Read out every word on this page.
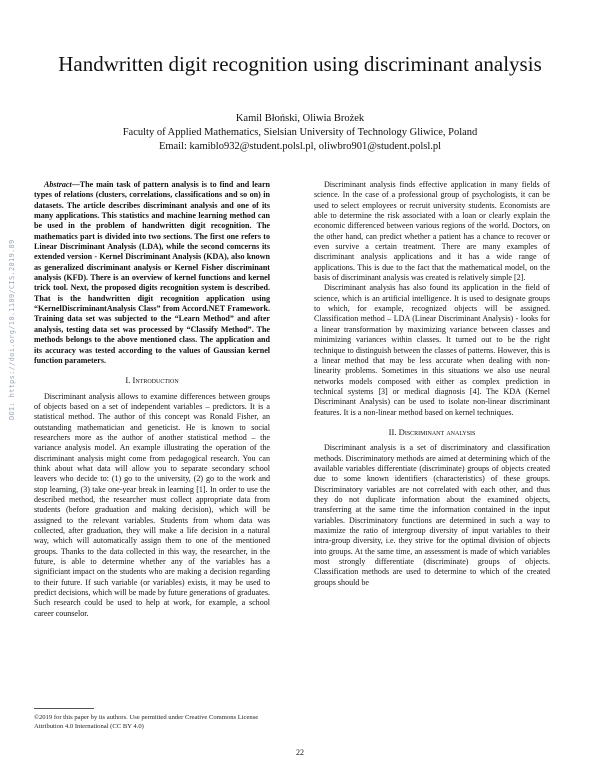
Handwritten digit recognition using discriminant analysis
Kamil Błoński, Oliwia Brożek
Faculty of Applied Mathematics, Sielsian University of Technology Gliwice, Poland
Email: kamiblo932@student.polsl.pl, oliwbro901@student.polsl.pl

Abstract—The main task of pattern analysis is to find and learn types of relations (clusters, correlations, classifications and so on) in datasets. The article describes discriminant analysis and one of its many applications. This statistics and machine learning method can be used in the problem of handwritten digit recognition. The mathematics part is divided into two sections. The first one refers to Linear Discriminant Analysis (LDA), while the second comcerns its extended version - Kernel Discriminant Analysis (KDA), also known as generalized discriminant analysis or Kernel Fisher discriminant analysis (KFD). There is an overview of kernel functions and kernel trick tool. Next, the proposed digits recognition system is described. That is the handwritten digit recognition application using “KernelDiscriminantAnalysis Class” from Accord.NET Framework. Training data set was subjected to the “Learn Method” and after analysis, testing data set was processed by “Classify Method”. The methods belongs to the above mentioned class. The application and its accuracy was tested according to the values of Gaussian kernel function parameters.

I. Introduction

Discriminant analysis allows to examine differences between groups of objects based on a set of independent variables – predictors. It is a statistical method. The author of this concept was Ronald Fisher, an outstanding mathematician and geneticist. He is known to social researchers more as the author of another statistical method – the variance analysis model. An example illustrating the operation of the discriminant analysis might come from pedagogical research. You can think about what data will allow you to separate secondary school leavers who decide to: (1) go to the university, (2) go to the work and stop learning, (3) take one-year break in learning [1]. In order to use the described method, the researcher must collect appropriate data from students (before graduation and making decision), which will be assigned to the relevant variables. Students from whom data was collected, after graduation, they will make a life decision in a natural way, which will automatically assign them to one of the mentioned groups. Thanks to the data collected in this way, the researcher, in the future, is able to determine whether any of the variables has a significiant impact on the students who are making a decision regarding to their future. If such variable (or variables) exists, it may be used to predict decisions, which will be made by future generations of graduates. Such research could be used to help at work, for example, a school career counselor.

Discriminant analysis finds effective application in many fields of science. In the case of a professional group of psychologists, it can be used to select employees or recruit university students. Economists are able to determine the risk associated with a loan or clearly explain the economic differenced between various regions of the world. Doctors, on the other hand, can predict whether a patient has a chance to recover or even survive a certain treatment. There are many examples of discriminant analysis applications and it has a wide range of applications. This is due to the fact that the mathematical model, on the basis of discriminant analysis was created is relatively simple [2].

Discriminant analysis has also found its application in the field of science, which is an artificial intelligence. It is used to designate groups to which, for example, recognized objects will be assigned. Classification method – LDA (Linear Discriminant Analysis) - looks for a linear transformation by maximizing variance between classes and minimizing variances within classes. It turned out to be the right technique to distinguish between the classes of patterns. However, this is a linear method that may be less accurate when dealing with non-linearity problems. Sometimes in this situations we also use neural networks models composed with either as complex prediction in technical systems [3] or medical diagnosis [4]. The KDA (Kernel Discriminant Analysis) can be used to isolate non-linear discriminant features. It is a non-linear method based on kernel techniques.

II. Discriminant analysis

Discriminant analysis is a set of discriminatory and classification methods. Discriminatory methods are aimed at determining which of the available variables differentiate (discriminate) groups of objects created due to some known identifiers (characteristics) of these groups. Discriminatory variables are not correlated with each other, and thus they do not duplicate information about the examined objects, transferring at the same time the information contained in the input variables. Discriminatory functions are determined in such a way to maximize the ratio of intergroup diversity of input variables to their intra-group diversity, i.e. they strive for the optimal division of objects into groups. At the same time, an assessment is made of which variables most strongly differentiate (discriminate) groups of objects. Classification methods are used to determine to which of the created groups should be

©2019 for this paper by its authors. Use permitted under Creative Commons License Attribution 4.0 International (CC BY 4.0)
22
DOI: https://doi.org/10.1109/CIS.2019.89
